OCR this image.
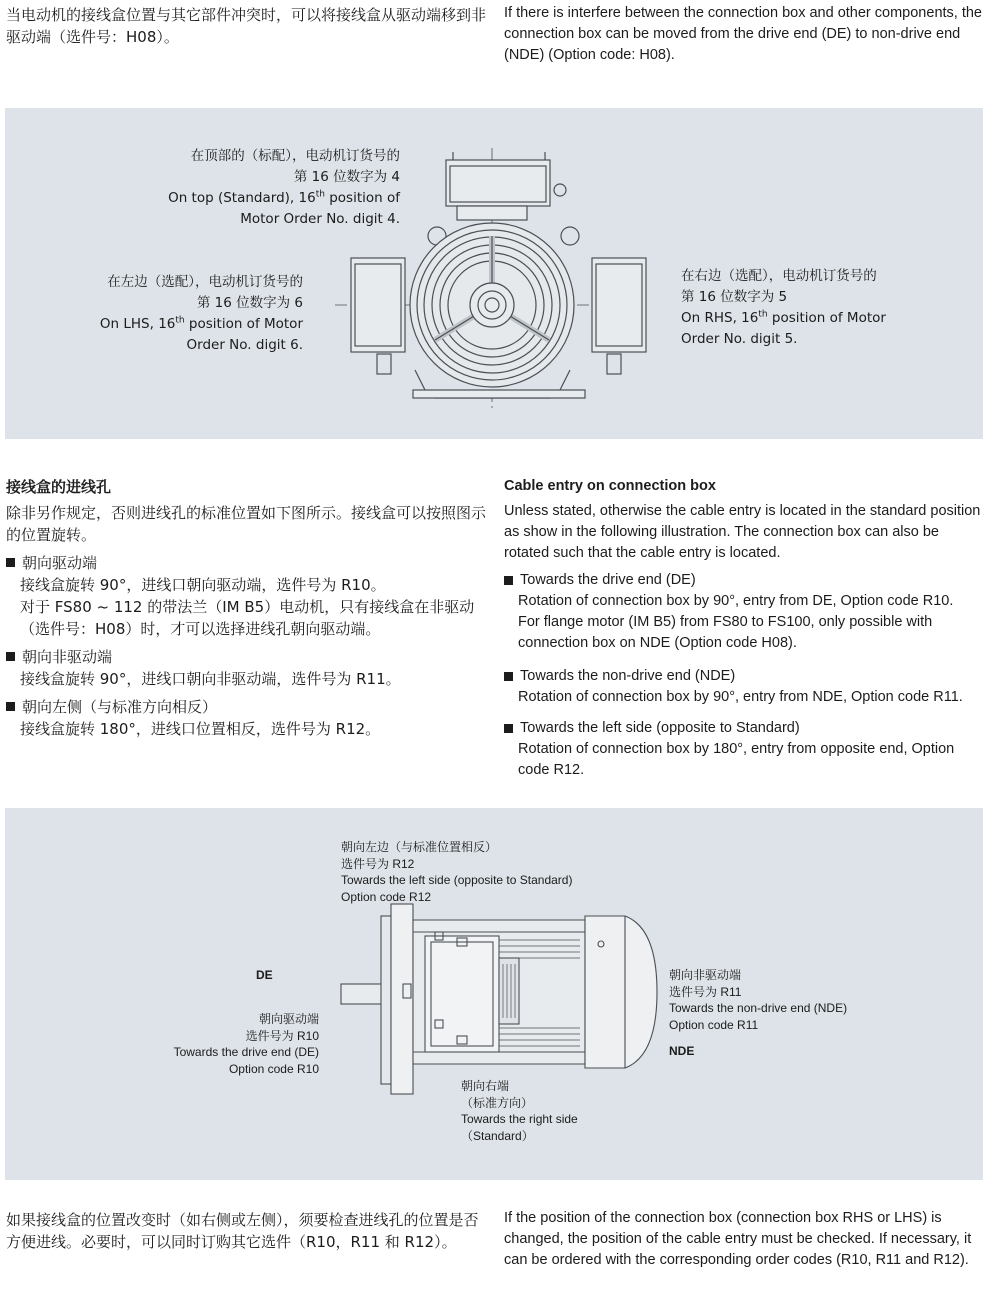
当电动机的接线盒位置与其它部件冲突时，可以将接线盒从驱动端移到非驱动端（选件号：H08）。

If there is interfere between the connection box and other components, the connection box can be moved from the drive end (DE) to non-drive end (NDE) (Option code: H08).

在顶部的（标配），电动机订货号的
第 16 位数字为 4
On top (Standard), 16th position of
Motor Order No. digit 4.
在左边（选配），电动机订货号的
第 16 位数字为 6
On LHS, 16th position of Motor
Order No. digit 6.
在右边（选配），电动机订货号的
第 16 位数字为 5
On RHS, 16th position of Motor
Order No. digit 5.

接线盒的进线孔

除非另作规定，否则进线孔的标准位置如下图所示。接线盒可以按照图示的位置旋转。

朝向驱动端

接线盒旋转 90°，进线口朝向驱动端，选件号为 R10。

对于 FS80 ~ 112 的带法兰（IM B5）电动机，只有接线盒在非驱动（选件号：H08）时，才可以选择进线孔朝向驱动端。

朝向非驱动端

接线盒旋转 90°，进线口朝向非驱动端，选件号为 R11。

朝向左侧（与标准方向相反）

接线盒旋转 180°，进线口位置相反，选件号为 R12。

Cable entry on connection box

Unless stated, otherwise the cable entry is located in the standard position as show in the following illustration. The connection box can also be rotated such that the cable entry is located.

Towards the drive end (DE)

Rotation of connection box by 90°, entry from DE, Option code R10.

For flange motor (IM B5) from FS80 to FS100, only possible with connection box on NDE (Option code H08).

Towards the non-drive end (NDE)

Rotation of connection box by 90°, entry from NDE, Option code R11.

Towards the left side (opposite to Standard)

Rotation of connection box by 180°, entry from opposite end, Option code R12.

朝向左边（与标准位置相反）
选件号为 R12
Towards the left side (opposite to Standard)
Option code R12
DE
朝向驱动端
选件号为 R10
Towards the drive end (DE)
Option code R10
朝向非驱动端
选件号为 R11
Towards the non-drive end (NDE)
Option code R11
NDE
朝向右端
（标准方向）
Towards the right side
（Standard）

如果接线盒的位置改变时（如右侧或左侧），须要检查进线孔的位置是否方便进线。必要时，可以同时订购其它选件（R10，R11 和 R12）。

If the position of the connection box (connection box RHS or LHS) is changed, the position of the cable entry must be checked. If necessary, it can be ordered with the corresponding order codes (R10, R11 and R12).
